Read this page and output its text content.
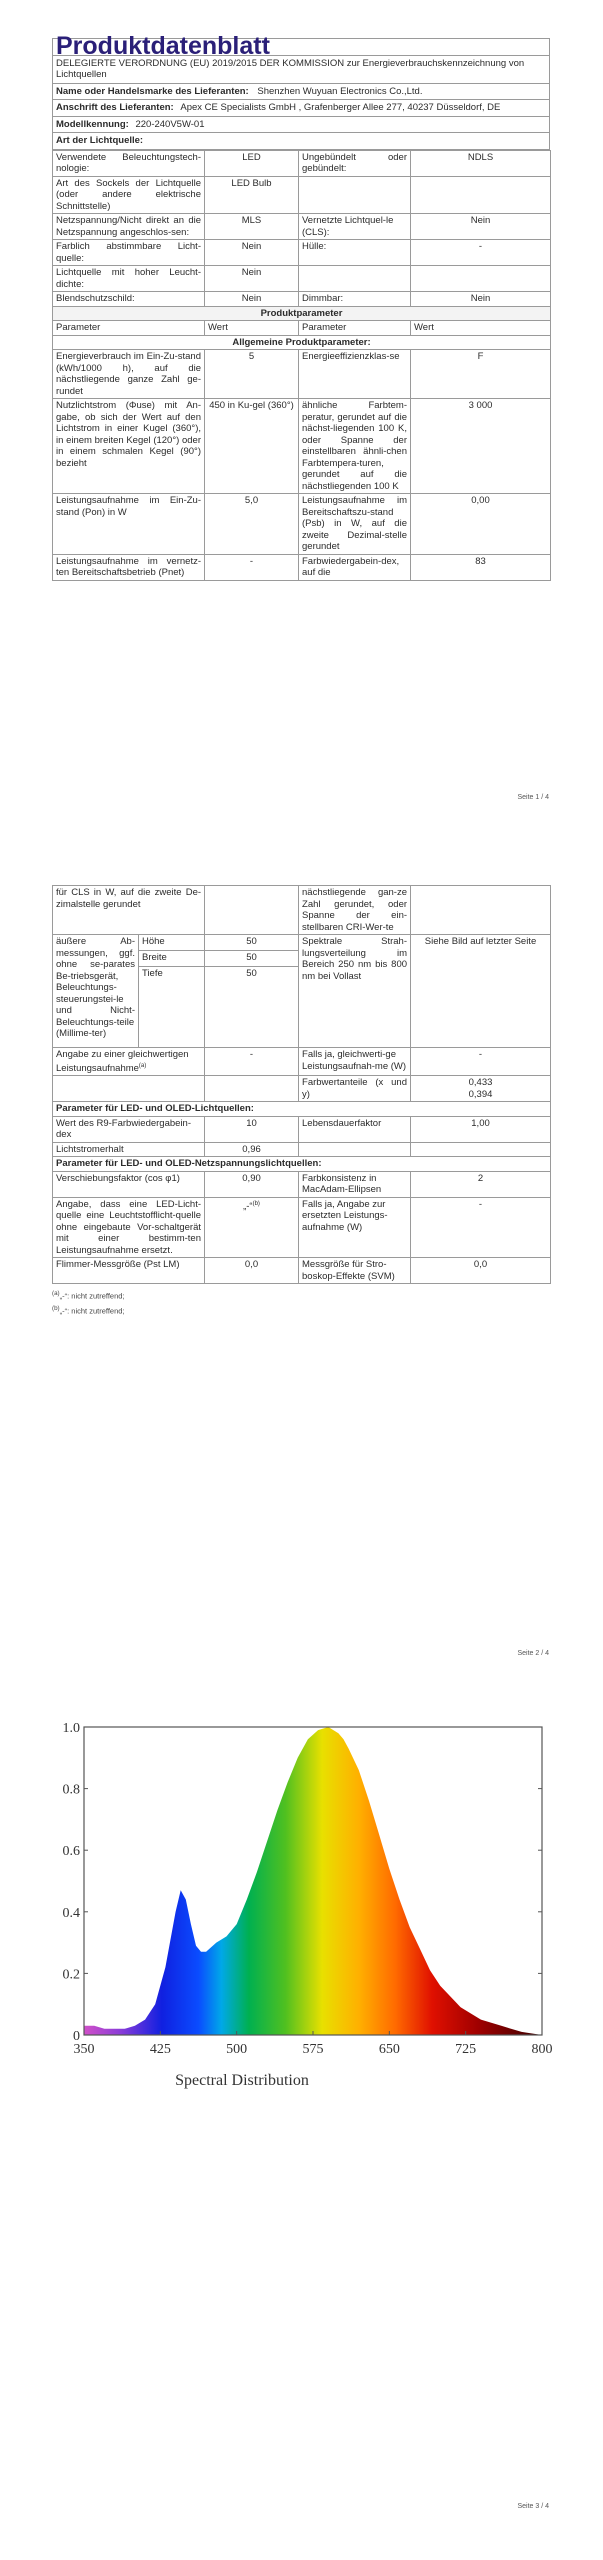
Produktdatenblatt
DELEGIERTE VERORDNUNG (EU) 2019/2015 DER KOMMISSION zur Energieverbrauchskennzeichnung von Lichtquellen
Name oder Handelsmarke des Lieferanten: Shenzhen Wuyuan Electronics Co.,Ltd.
Anschrift des Lieferanten: Apex CE Specialists GmbH , Grafenberger Allee 277, 40237 Düsseldorf, DE
Modellkennung: 220-240V5W-01
Art der Lichtquelle:
Verwendete Beleuchtungstech-nologie:	LED	Ungebündelt oder gebündelt:	NDLS
Art des Sockels der Lichtquelle (oder andere elektrische Schnittstelle)	LED Bulb		
Netzspannung/Nicht direkt an die Netzspannung angeschlos-sen:	MLS	Vernetzte Lichtquel-le (CLS):	Nein
Farblich abstimmbare Licht-quelle:	Nein	Hülle:	-
Lichtquelle mit hoher Leucht-dichte:	Nein		
Blendschutzschild:	Nein	Dimmbar:	Nein
Produktparameter			
Parameter	Wert	Parameter	Wert
Allgemeine Produktparameter:			
Energieverbrauch im Ein-Zu-stand (kWh/1000 h), auf die nächstliegende ganze Zahl ge-rundet	5	Energieeffizienzklas-se	F
Nutzlichtstrom (Φuse) mit An-gabe, ob sich der Wert auf den Lichtstrom in einer Kugel (360°), in einem breiten Kegel (120°) oder in einem schmalen Kegel (90°) bezieht	450 in Ku-gel (360°)	ähnliche Farbtem-peratur, gerundet auf die nächst-liegenden 100 K, oder Spanne der einstellbaren ähnli-chen Farbtempera-turen, gerundet auf die nächstliegenden 100 K	3 000
Leistungsaufnahme im Ein-Zu-stand (Pon) in W	5,0	Leistungsaufnahme im Bereitschaftszu-stand (Psb) in W, auf die zweite Dezimal-stelle gerundet	0,00
Leistungsaufnahme im vernetz-ten Bereitschaftsbetrieb (Pnet)	-	Farbwiedergabein-dex, auf die	83
Seite 1 / 4
für CLS in W, auf die zweite De-zimalstelle gerundet			nächstliegende gan-ze Zahl gerundet, oder Spanne der ein-stellbaren CRI-Wer-te	
äußere Ab-messungen, ggf. ohne se-parates Be-triebsgerät, Beleuchtungs-steuerungstei-le und Nicht-Beleuchtungs-teile (Millime-ter)	Höhe	50	Spektrale Strah-lungsverteilung im Bereich 250 nm bis 800 nm bei Vollast	Siehe Bild auf letzter Seite
	Breite	50		
	Tiefe	50		
Angabe zu einer gleichwertigen Leistungsaufnahme$^{(a)}$		-	Falls ja, gleichwerti-ge Leistungsaufnah-me (W)	-
			Farbwertanteile (x und y)	0,433
0,394

Parameter für LED- und OLED-Lichtquellen:				
Wert des R9-Farbwiedergabein-dex		10	Lebensdauerfaktor	1,00
Lichtstromerhalt		0,96		
Parameter für LED- und OLED-Netzspannungslichtquellen:				
Verschiebungsfaktor (cos φ1)		0,90	Farbkonsistenz in MacAdam-Ellipsen	2
Angabe, dass eine LED-Licht-quelle eine Leuchtstofflicht-quelle ohne eingebaute Vor-schaltgerät mit einer bestimm-ten Leistungsaufnahme ersetzt.		„-“$^{(b)}$	Falls ja, Angabe zur ersetzten Leistungs-aufnahme (W)	-
Flimmer-Messgröße (Pst LM)		0,0	Messgröße für Stro-boskop-Effekte (SVM)	0,0
$^{(a)}$„-“: nicht zutreffend;
$^{(b)}$„-“: nicht zutreffend;
Seite 2 / 4
0
0.2
0.4
0.6
0.8
1.0
350	425	500	575	650	725	800
Spectral Distribution
Seite 3 / 4
